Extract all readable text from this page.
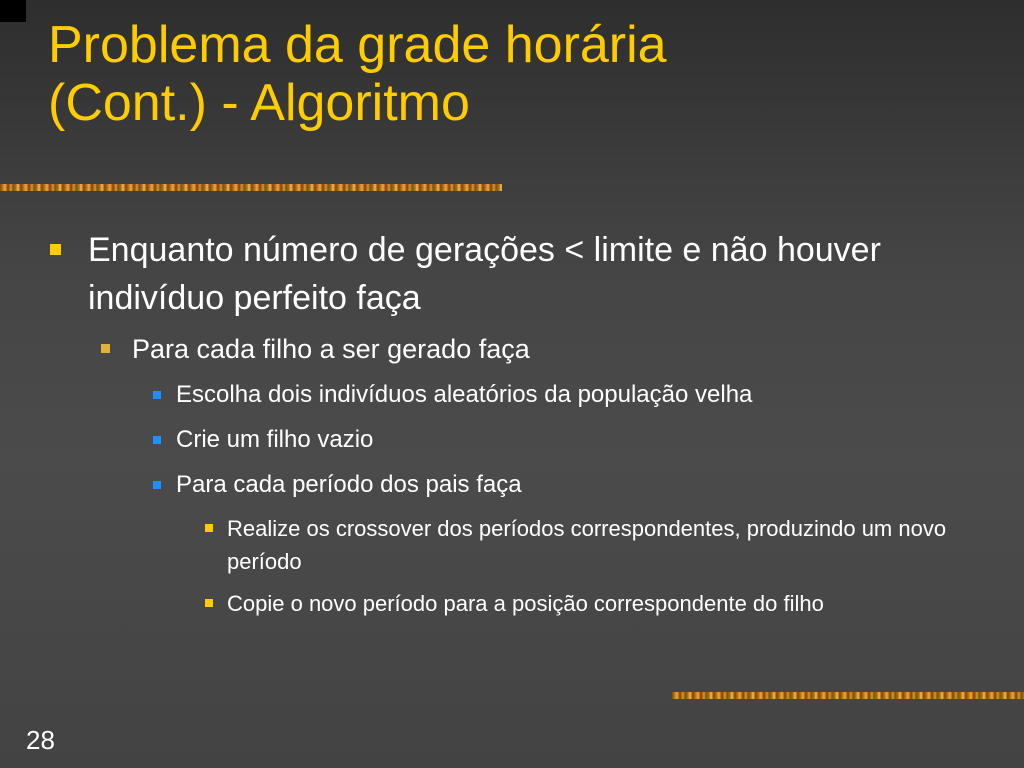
Problema da grade horária
(Cont.) - Algoritmo
Enquanto número de gerações < limite e não houver indivíduo perfeito faça
Para cada filho a ser gerado faça
Escolha dois indivíduos aleatórios da população velha
Crie um filho vazio
Para cada período dos pais faça
Realize os crossover dos períodos correspondentes, produzindo um novo período
Copie o novo período para a posição correspondente do filho
28
